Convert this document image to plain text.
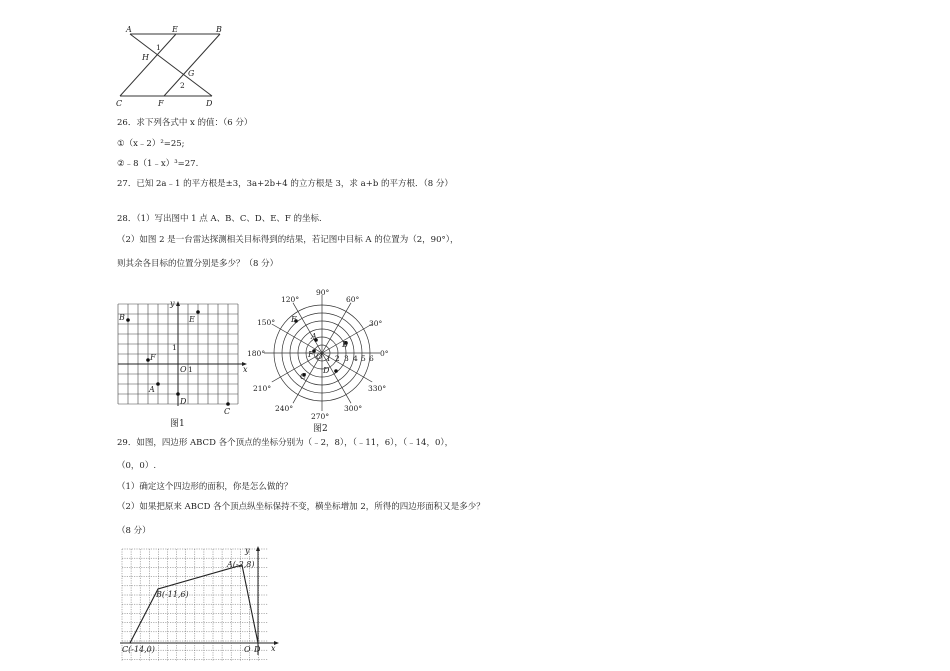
A	E	B
H
1
G
2
C	F	D
26．求下列各式中 x 的值：（6 分）
①（x﹣2）²=25;
②﹣8（1﹣x）³=27.
27．已知 2a﹣1 的平方根是±3，3a+2b+4 的立方根是 3，求 a+b 的平方根．（8 分）
28．（1）写出图中 1 点 A、B、C、D、E、F 的坐标.
（2）如图 2 是一台雷达探测相关目标得到的结果，若记图中目标 A 的位置为（2，90°），
则其余各目标的位置分别是多少？（8 分）
B	E
y
F
1
O 1	x
A
D
C
图1
90°
60°
120°
30°
150°
180°	0°
210°	330°
240°	300°
270°
1 2 3 4 5 6
A
B
C
D
E
F O
图2
29．如图，四边形 ABCD 各个顶点的坐标分别为（﹣2，8），（﹣11，6），（﹣14，0），
（0，0）.
（1）确定这个四边形的面积，你是怎么做的？
（2）如果把原来 ABCD 各个顶点纵坐标保持不变，横坐标增加 2，所得的四边形面积又是多少？
（8 分）
y
x
A(-2,8)
B(-11,6)
C(-14,0)	O D
